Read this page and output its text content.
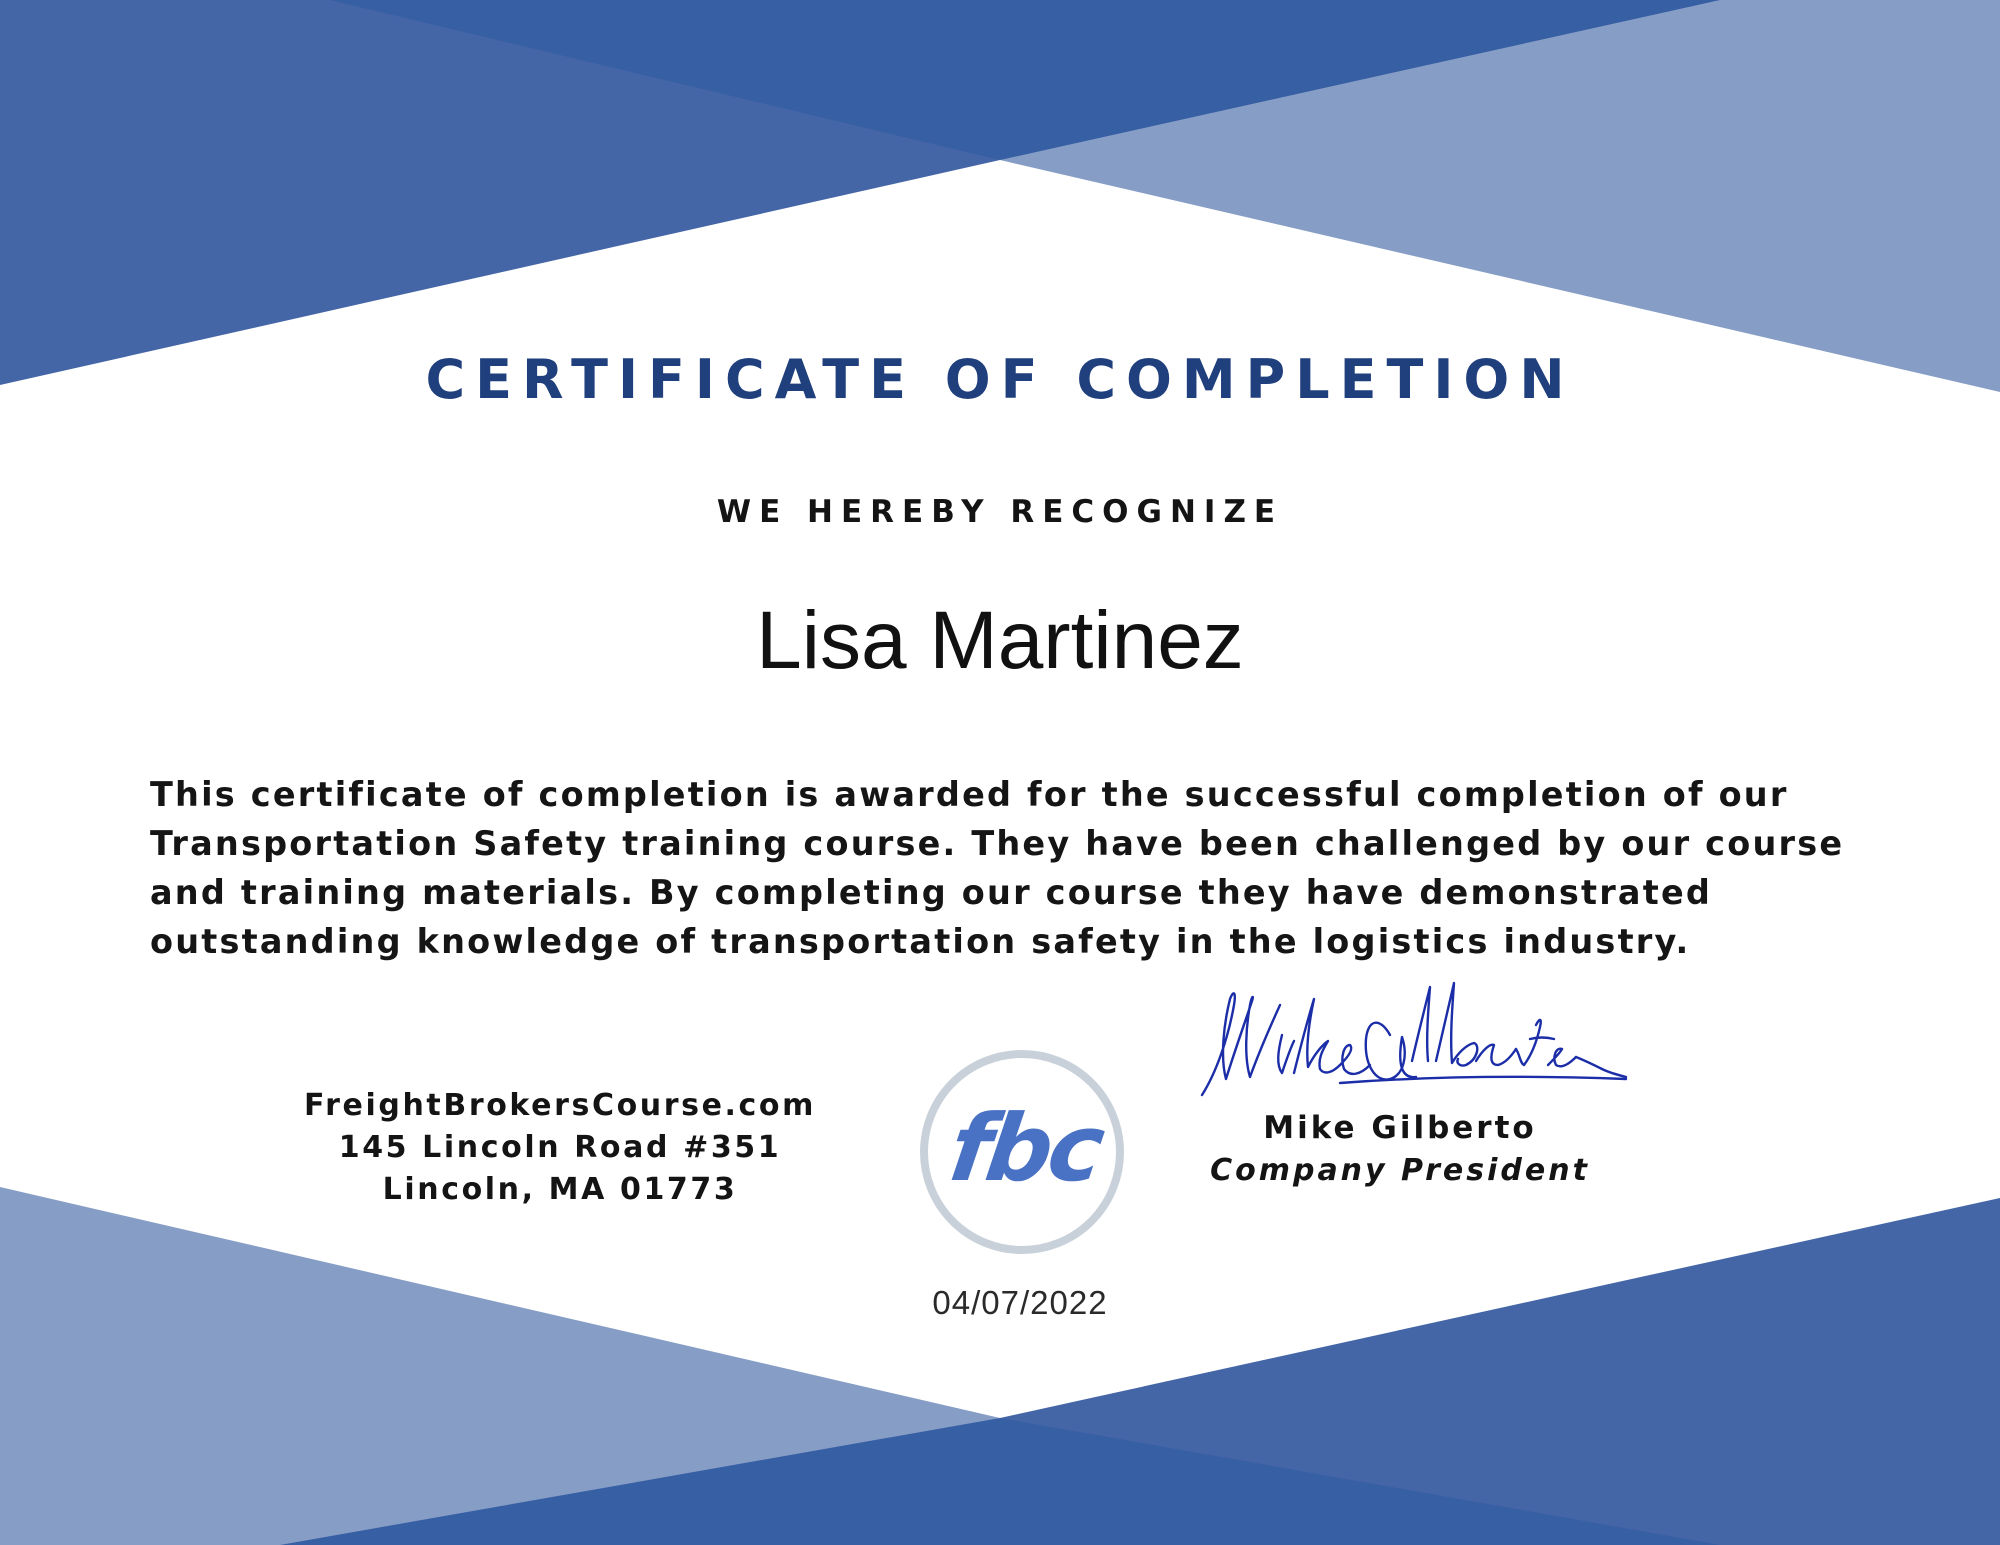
CERTIFICATE OF COMPLETION
WE HEREBY RECOGNIZE
Lisa Martinez
This certificate of completion is awarded for the successful completion of our
Transportation Safety training course. They have been challenged by our course
and training materials. By completing our course they have demonstrated
outstanding knowledge of transportation safety in the logistics industry.
FreightBrokersCourse.com
145 Lincoln Road #351
Lincoln, MA 01773	fbc
04/07/2022
Mike Gilberto
Company President
